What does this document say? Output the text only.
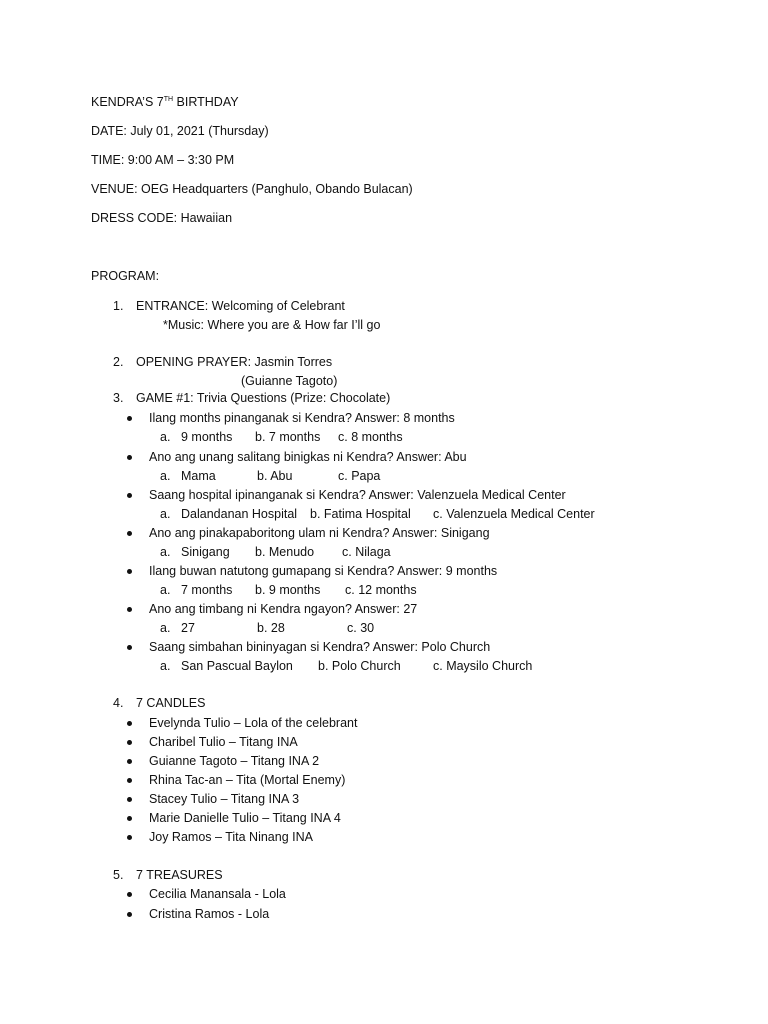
KENDRA’S 7TH BIRTHDAY
DATE: July 01, 2021 (Thursday)
TIME: 9:00 AM – 3:30 PM
VENUE: OEG Headquarters (Panghulo, Obando Bulacan)
DRESS CODE: Hawaiian
PROGRAM:
1. ENTRANCE: Welcoming of Celebrant
*Music: Where you are & How far I’ll go
2. OPENING PRAYER: Jasmin Torres
(Guianne Tagoto)
3. GAME #1: Trivia Questions (Prize: Chocolate)
Ilang months pinanganak si Kendra? Answer: 8 months
a. 9 months b. 7 months c. 8 months
Ano ang unang salitang binigkas ni Kendra? Answer: Abu
a. Mama	b. Abu	c. Papa
Saang hospital ipinanganak si Kendra? Answer: Valenzuela Medical Center
a. Dalandanan Hospital b. Fatima Hospital c. Valenzuela Medical Center
Ano ang pinakapaboritong ulam ni Kendra? Answer: Sinigang
a. Sinigang b. Menudo c. Nilaga
Ilang buwan natutong gumapang si Kendra? Answer: 9 months
a. 7 months b. 9 months c. 12 months
Ano ang timbang ni Kendra ngayon? Answer: 27
a. 27	b. 28	c. 30
Saang simbahan bininyagan si Kendra? Answer: Polo Church
a. San Pascual Baylon b. Polo Church	c. Maysilo Church
4. 7 CANDLES
Evelynda Tulio – Lola of the celebrant
Charibel Tulio – Titang INA
Guianne Tagoto – Titang INA 2
Rhina Tac-an – Tita (Mortal Enemy)
Stacey Tulio – Titang INA 3
Marie Danielle Tulio – Titang INA 4
Joy Ramos – Tita Ninang INA
5. 7 TREASURES
Cecilia Manansala - Lola
Cristina Ramos - Lola
